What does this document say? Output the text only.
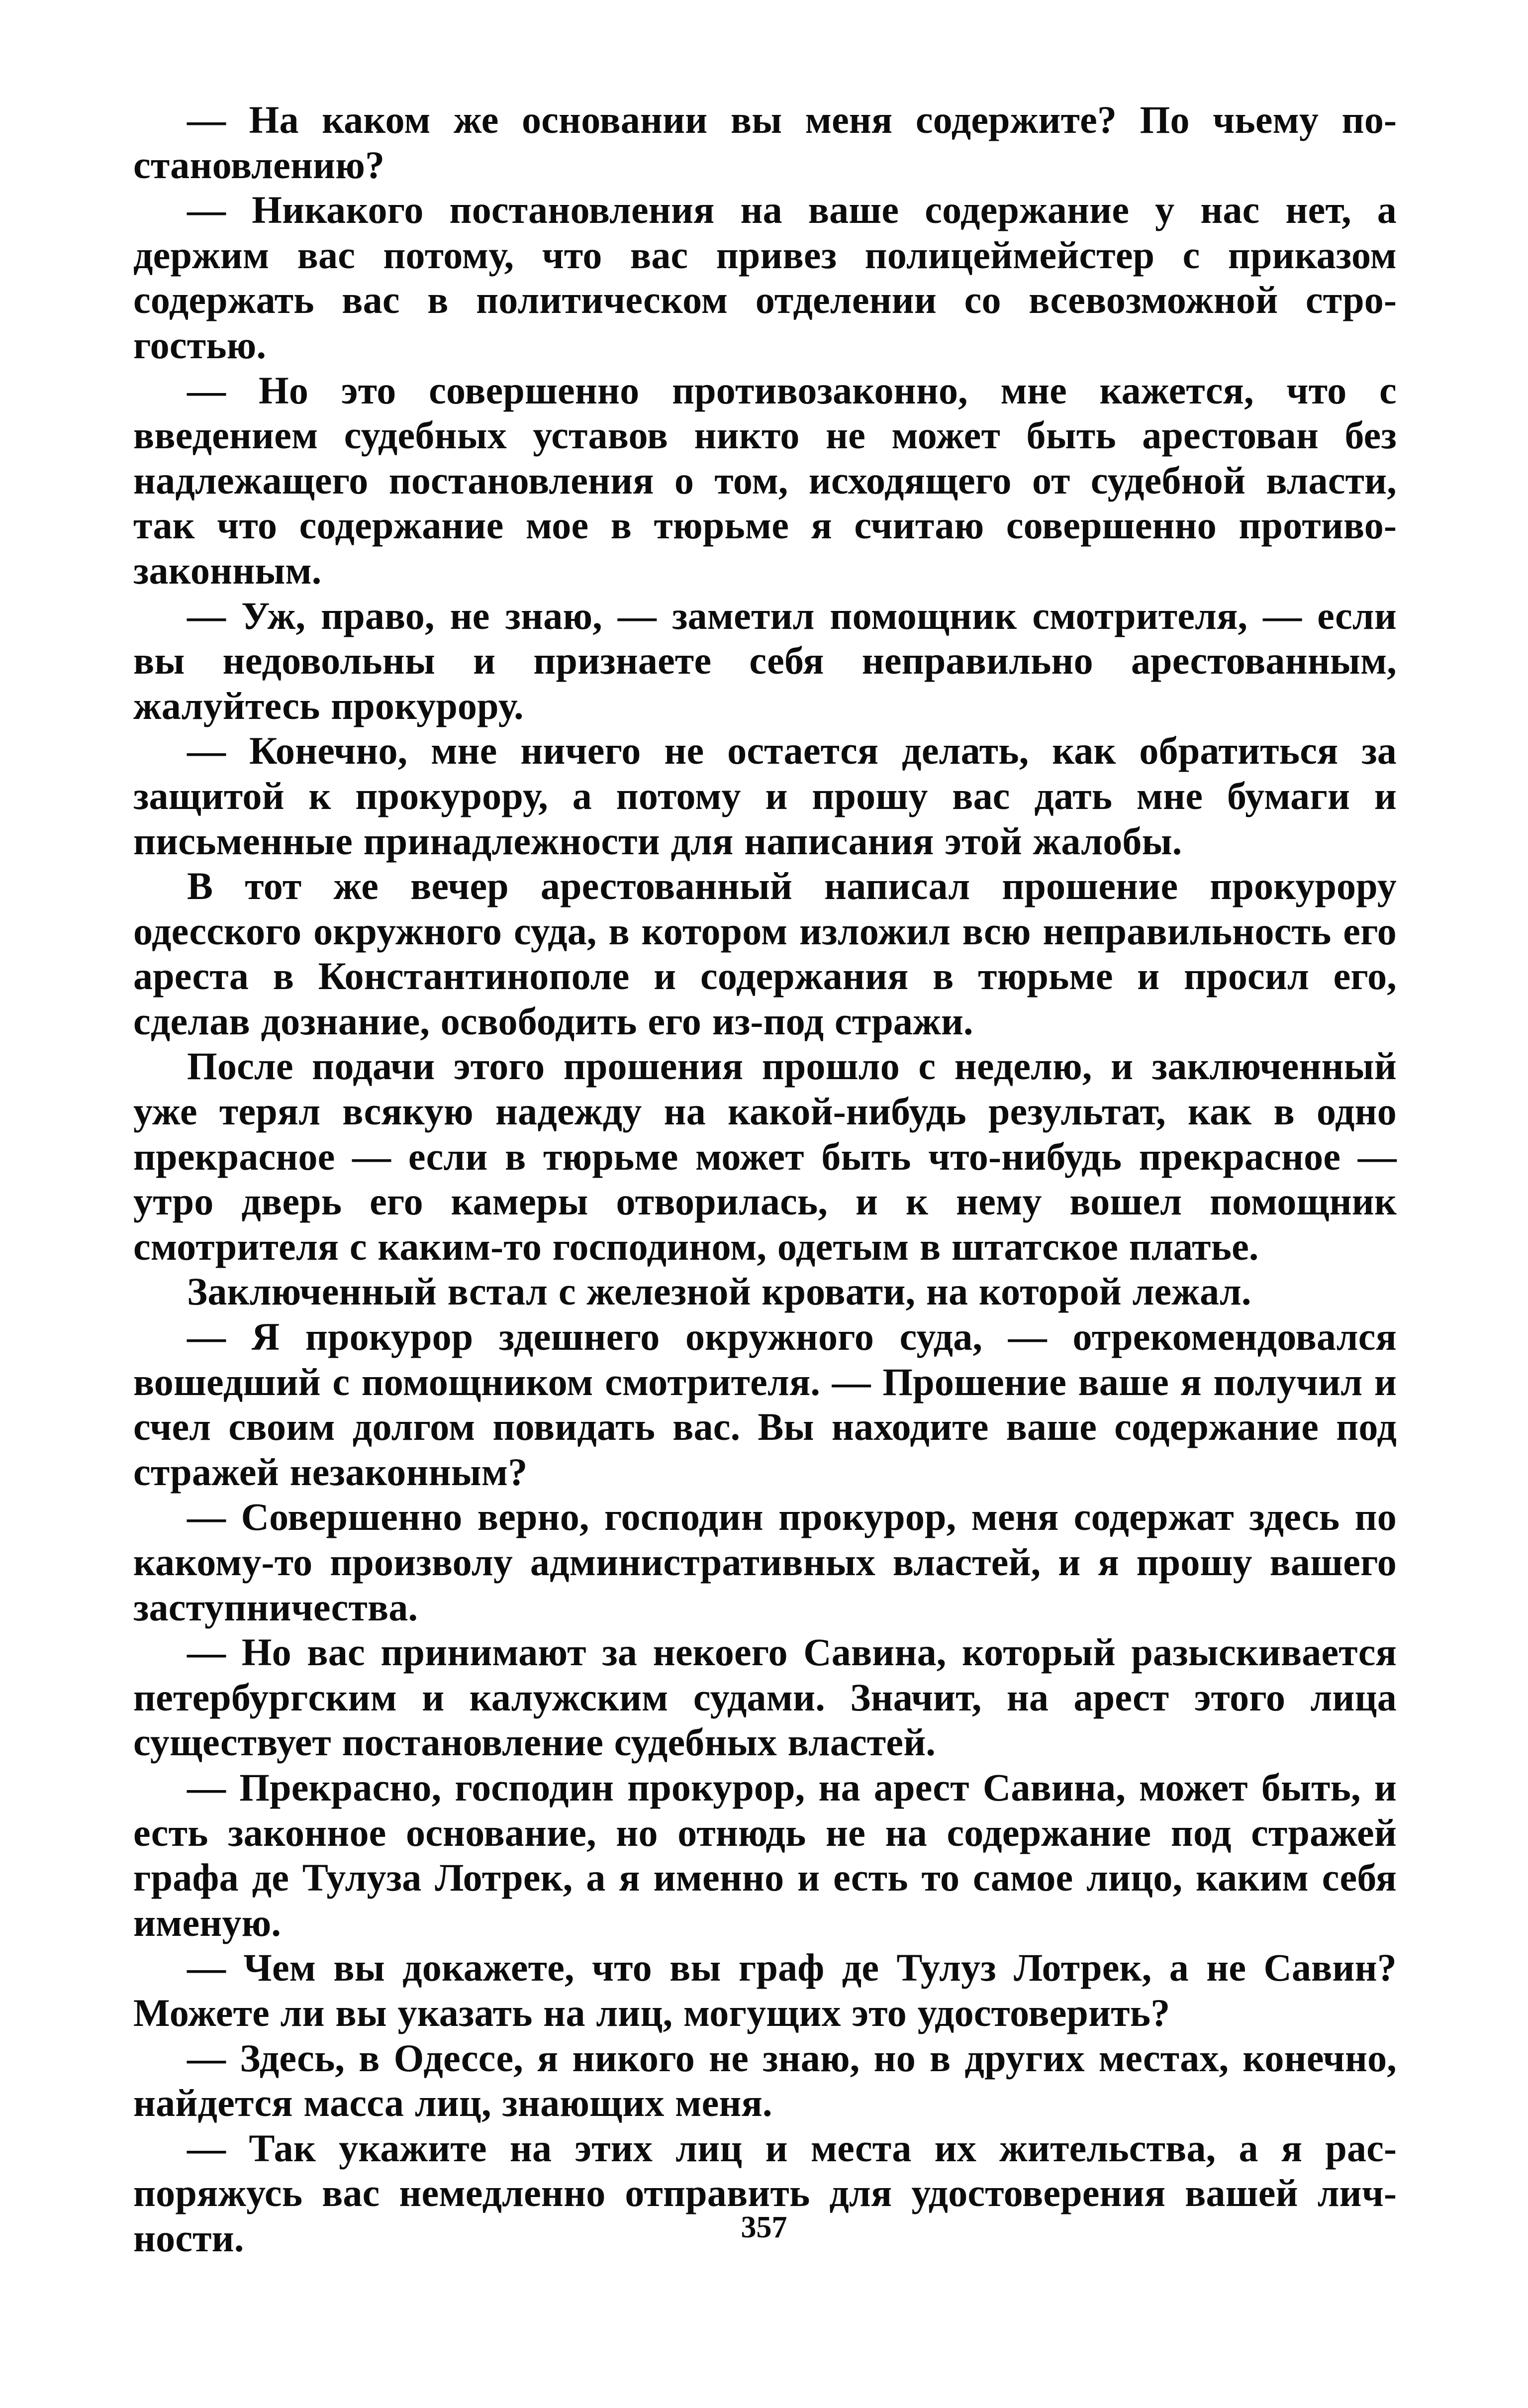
— На каком же основании вы меня содержите? По чьему постановлению?

— Никакого постановления на ваше содержание у нас нет, а держим вас потому, что вас привез полицеймейстер с приказом содержать вас в политическом отделении со всевозможной строгостью.

— Но это совершенно противозаконно, мне кажется, что с введением судебных уставов никто не может быть арестован без надлежащего постановления о том, исходящего от судебной власти, так что содержание мое в тюрьме я считаю совершенно противозаконным.

— Уж, право, не знаю, — заметил помощник смотрителя, — если вы недовольны и признаете себя неправильно арестованным, жалуйтесь прокурору.

— Конечно, мне ничего не остается делать, как обратиться за защитой к прокурору, а потому и прошу вас дать мне бумаги и письменные принадлежности для написания этой жалобы.

В тот же вечер арестованный написал прошение прокурору одесского окружного суда, в котором изложил всю неправильность его ареста в Константинополе и содержания в тюрьме и просил его, сделав дознание, освободить его из-под стражи.

После подачи этого прошения прошло с неделю, и заключенный уже терял всякую надежду на какой-нибудь результат, как в одно прекрасное — если в тюрьме может быть что-нибудь прекрасное — утро дверь его камеры отворилась, и к нему вошел помощник смотрителя с каким-то господином, одетым в штатское платье.

Заключенный встал с железной кровати, на которой лежал.

— Я прокурор здешнего окружного суда, — отрекомендовался вошедший с помощником смотрителя. — Прошение ваше я получил и счел своим долгом повидать вас. Вы находите ваше содержание под стражей незаконным?

— Совершенно верно, господин прокурор, меня содержат здесь по какому-то произволу административных властей, и я прошу вашего заступничества.

— Но вас принимают за некоего Савина, который разыскивается петербургским и калужским судами. Значит, на арест этого лица существует постановление судебных властей.

— Прекрасно, господин прокурор, на арест Савина, может быть, и есть законное основание, но отнюдь не на содержание под стражей графа де Тулуза Лотрек, а я именно и есть то самое лицо, каким себя именую.

— Чем вы докажете, что вы граф де Тулуз Лотрек, а не Савин? Можете ли вы указать на лиц, могущих это удостоверить?

— Здесь, в Одессе, я никого не знаю, но в других местах, конечно, найдется масса лиц, знающих меня.

— Так укажите на этих лиц и места их жительства, а я распоряжусь вас немедленно отправить для удостоверения вашей личности.	357
